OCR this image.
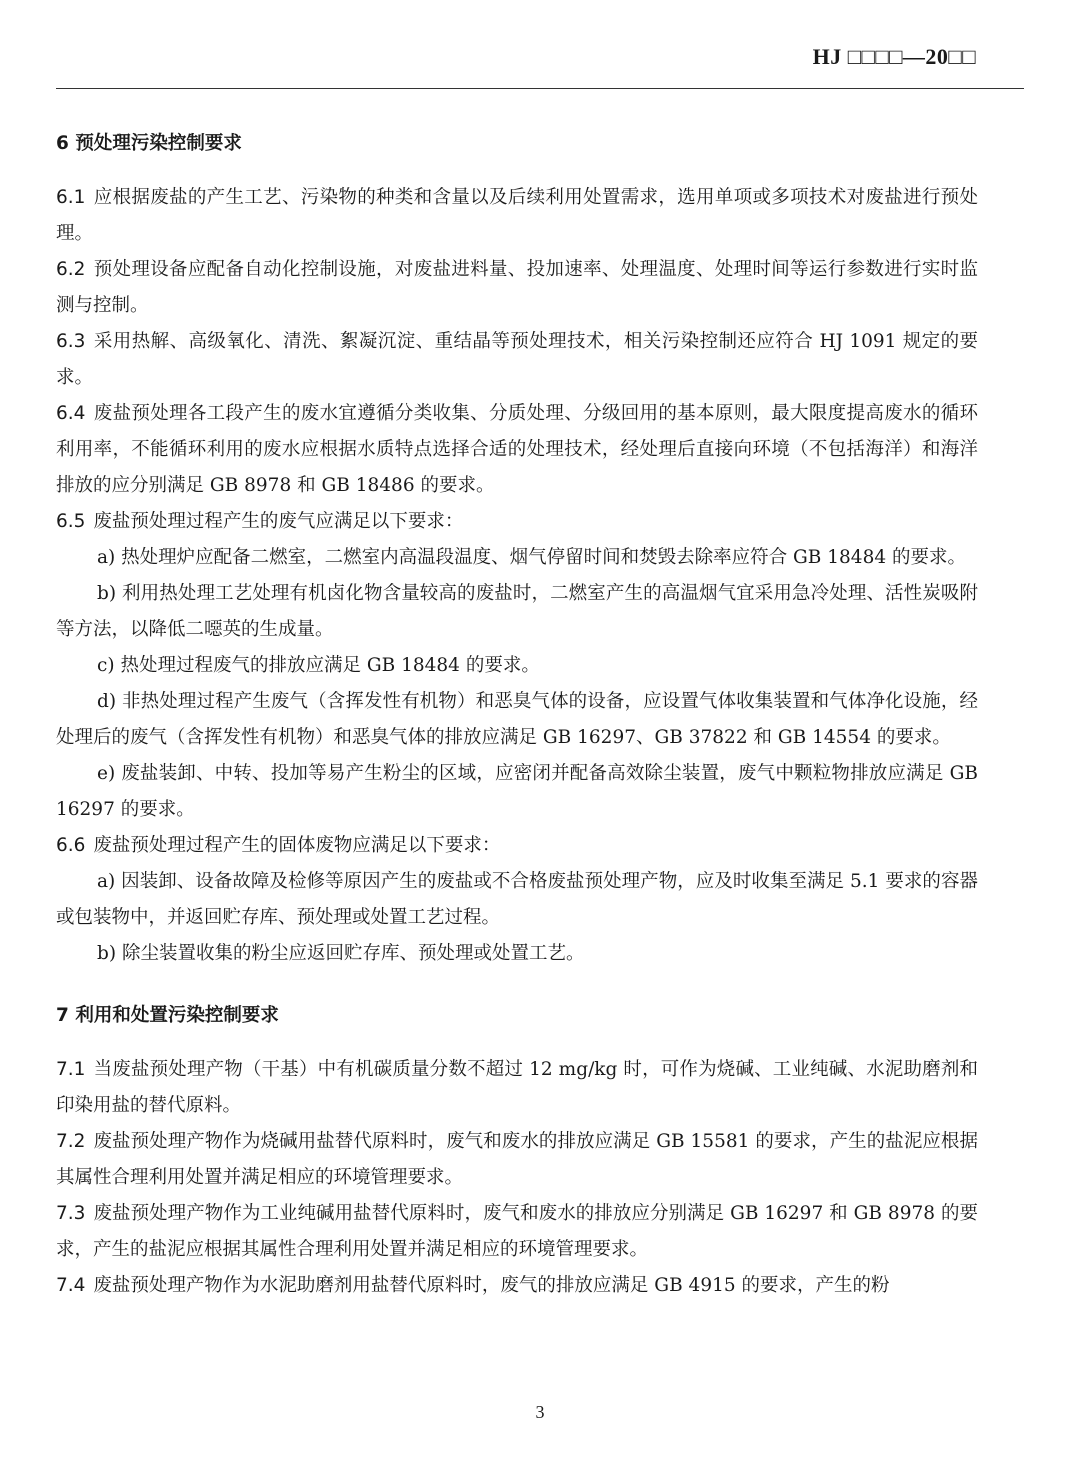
HJ □□□□—20□□
6 预处理污染控制要求

6.1 应根据废盐的产生工艺、污染物的种类和含量以及后续利用处置需求，选用单项或多项技术对废盐进行预处理。

6.2 预处理设备应配备自动化控制设施，对废盐进料量、投加速率、处理温度、处理时间等运行参数进行实时监测与控制。

6.3 采用热解、高级氧化、清洗、絮凝沉淀、重结晶等预处理技术，相关污染控制还应符合 HJ 1091 规定的要求。

6.4 废盐预处理各工段产生的废水宜遵循分类收集、分质处理、分级回用的基本原则，最大限度提高废水的循环利用率，不能循环利用的废水应根据水质特点选择合适的处理技术，经处理后直接向环境（不包括海洋）和海洋排放的应分别满足 GB 8978 和 GB 18486 的要求。

6.5 废盐预处理过程产生的废气应满足以下要求：

a) 热处理炉应配备二燃室，二燃室内高温段温度、烟气停留时间和焚毁去除率应符合 GB 18484 的要求。

b) 利用热处理工艺处理有机卤化物含量较高的废盐时，二燃室产生的高温烟气宜采用急冷处理、活性炭吸附等方法，以降低二噁英的生成量。

c) 热处理过程废气的排放应满足 GB 18484 的要求。

d) 非热处理过程产生废气（含挥发性有机物）和恶臭气体的设备，应设置气体收集装置和气体净化设施，经处理后的废气（含挥发性有机物）和恶臭气体的排放应满足 GB 16297、GB 37822 和 GB 14554 的要求。

e) 废盐装卸、中转、投加等易产生粉尘的区域，应密闭并配备高效除尘装置，废气中颗粒物排放应满足 GB 16297 的要求。

6.6 废盐预处理过程产生的固体废物应满足以下要求：

a) 因装卸、设备故障及检修等原因产生的废盐或不合格废盐预处理产物，应及时收集至满足 5.1 要求的容器或包装物中，并返回贮存库、预处理或处置工艺过程。

b) 除尘装置收集的粉尘应返回贮存库、预处理或处置工艺。

7 利用和处置污染控制要求

7.1 当废盐预处理产物（干基）中有机碳质量分数不超过 12 mg/kg 时，可作为烧碱、工业纯碱、水泥助磨剂和印染用盐的替代原料。

7.2 废盐预处理产物作为烧碱用盐替代原料时，废气和废水的排放应满足 GB 15581 的要求，产生的盐泥应根据其属性合理利用处置并满足相应的环境管理要求。

7.3 废盐预处理产物作为工业纯碱用盐替代原料时，废气和废水的排放应分别满足 GB 16297 和 GB 8978 的要求，产生的盐泥应根据其属性合理利用处置并满足相应的环境管理要求。

7.4 废盐预处理产物作为水泥助磨剂用盐替代原料时，废气的排放应满足 GB 4915 的要求，产生的粉

3
